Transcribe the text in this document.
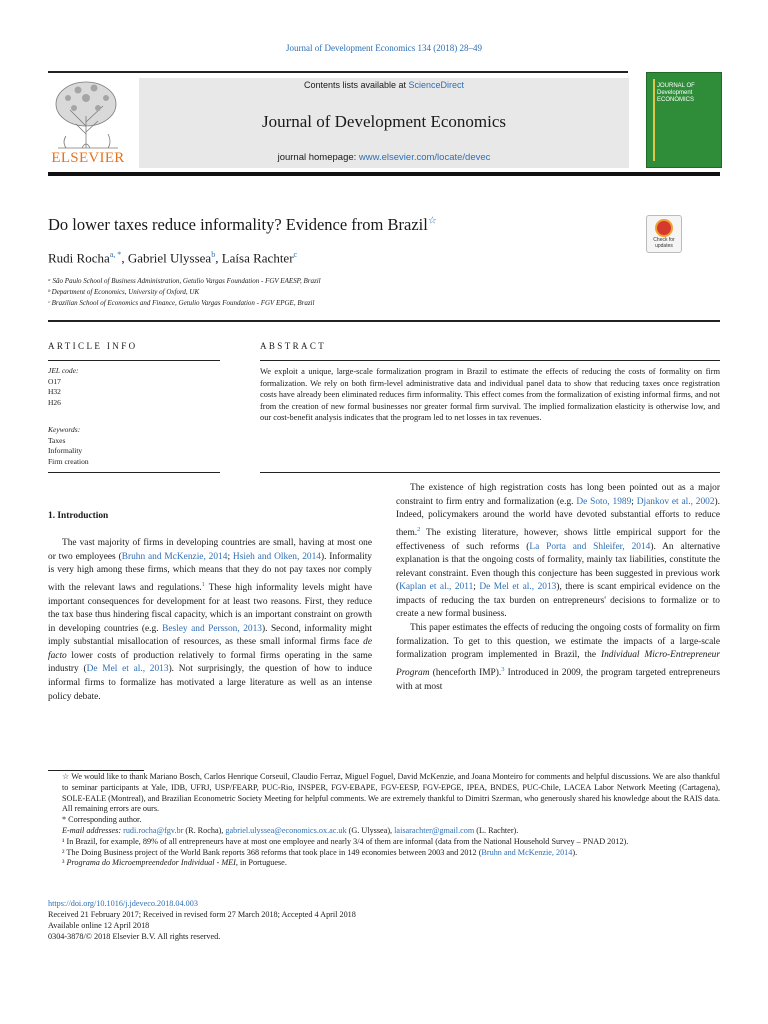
Journal of Development Economics 134 (2018) 28–49
ELSEVIER
Contents lists available at ScienceDirect
Journal of Development Economics
journal homepage: www.elsevier.com/locate/devec
JOURNAL OF Development ECONOMICS
Do lower taxes reduce informality? Evidence from Brazil☆
Check for updates
Rudi Rocha$^{a, *}$, Gabriel Ulyssea$^b$, Laísa Rachter$^c$
ᵃ São Paulo School of Business Administration, Getulio Vargas Foundation - FGV EAESP, Brazil
ᵇ Department of Economics, University of Oxford, UK
ᶜ Brazilian School of Economics and Finance, Getulio Vargas Foundation - FGV EPGE, Brazil
ARTICLE INFO
JEL code:
O17
H32
H26
Keywords:
Taxes
Informality
Firm creation
ABSTRACT
We exploit a unique, large-scale formalization program in Brazil to estimate the effects of reducing the costs of formality on firm formalization. We rely on both firm-level administrative data and individual panel data to show that reducing taxes once registration costs have already been eliminated reduces firm informality. This effect comes from the formalization of existing informal firms, and not from the creation of new formal businesses nor greater formal firm survival. The implied formalization elasticity is otherwise low, and our cost-benefit analysis indicates that the program led to net losses in tax revenues.
1. Introduction

The vast majority of firms in developing countries are small, having at most one or two employees (Bruhn and McKenzie, 2014; Hsieh and Olken, 2014). Informality is very high among these firms, which means that they do not pay taxes nor comply with the relevant laws and regulations.$^1$ These high informality levels might have important consequences for development for at least two reasons. First, they reduce the tax base thus hindering fiscal capacity, which is an important constraint on growth in developing countries (e.g. Besley and Persson, 2013). Second, informality might imply substantial misallocation of resources, as these small informal firms face de facto lower costs of production relatively to formal firms operating in the same industry (De Mel et al., 2013). Not surprisingly, the question of how to induce informal firms to formalize has motivated a large literature as well as an intense policy debate.

The existence of high registration costs has long been pointed out as a major constraint to firm entry and formalization (e.g. De Soto, 1989; Djankov et al., 2002). Indeed, policymakers around the world have devoted substantial efforts to reduce them.$^2$ The existing literature, however, shows little empirical support for the effectiveness of such reforms (La Porta and Shleifer, 2014). An alternative explanation is that the ongoing costs of formality, mainly tax liabilities, constitute the relevant constraint. Even though this conjecture has been suggested in previous work (Kaplan et al., 2011; De Mel et al., 2013), there is scant empirical evidence on the impacts of reducing the tax burden on entrepreneurs' decisions to formalize or to create a new formal business.

This paper estimates the effects of reducing the ongoing costs of formality on firm formalization. To get to this question, we estimate the impacts of a large-scale formalization program implemented in Brazil, the Individual Micro-Entrepreneur Program (henceforth IMP).$^3$ Introduced in 2009, the program targeted entrepreneurs with at most

☆ We would like to thank Mariano Bosch, Carlos Henrique Corseuil, Claudio Ferraz, Miguel Foguel, David McKenzie, and Joana Monteiro for comments and helpful discussions. We are also thankful to seminar participants at Yale, IDB, UFRJ, USP/FEARP, PUC-Rio, INSPER, FGV-EBAPE, FGV-EESP, FGV-EPGE, IPEA, BNDES, PUC-Chile, LACEA Labor Network Meeting (Cartagena), SOLE-EALE (Montreal), and Brazilian Econometric Society Meeting for helpful comments. We are extremely thankful to Dimitri Szerman, who generously shared his knowledge about the RAIS data. All remaining errors are ours.

* Corresponding author.

E-mail addresses: rudi.rocha@fgv.br (R. Rocha), gabriel.ulyssea@economics.ox.ac.uk (G. Ulyssea), laisarachter@gmail.com (L. Rachter).

¹ In Brazil, for example, 89% of all entrepreneurs have at most one employee and nearly 3/4 of them are informal (data from the National Household Survey – PNAD 2012).

² The Doing Business project of the World Bank reports 368 reforms that took place in 149 economies between 2003 and 2012 (Bruhn and McKenzie, 2014).

³ Programa do Microempreendedor Individual - MEI, in Portuguese.

https://doi.org/10.1016/j.jdeveco.2018.04.003
Received 21 February 2017; Received in revised form 27 March 2018; Accepted 4 April 2018
Available online 12 April 2018
0304-3878/© 2018 Elsevier B.V. All rights reserved.
